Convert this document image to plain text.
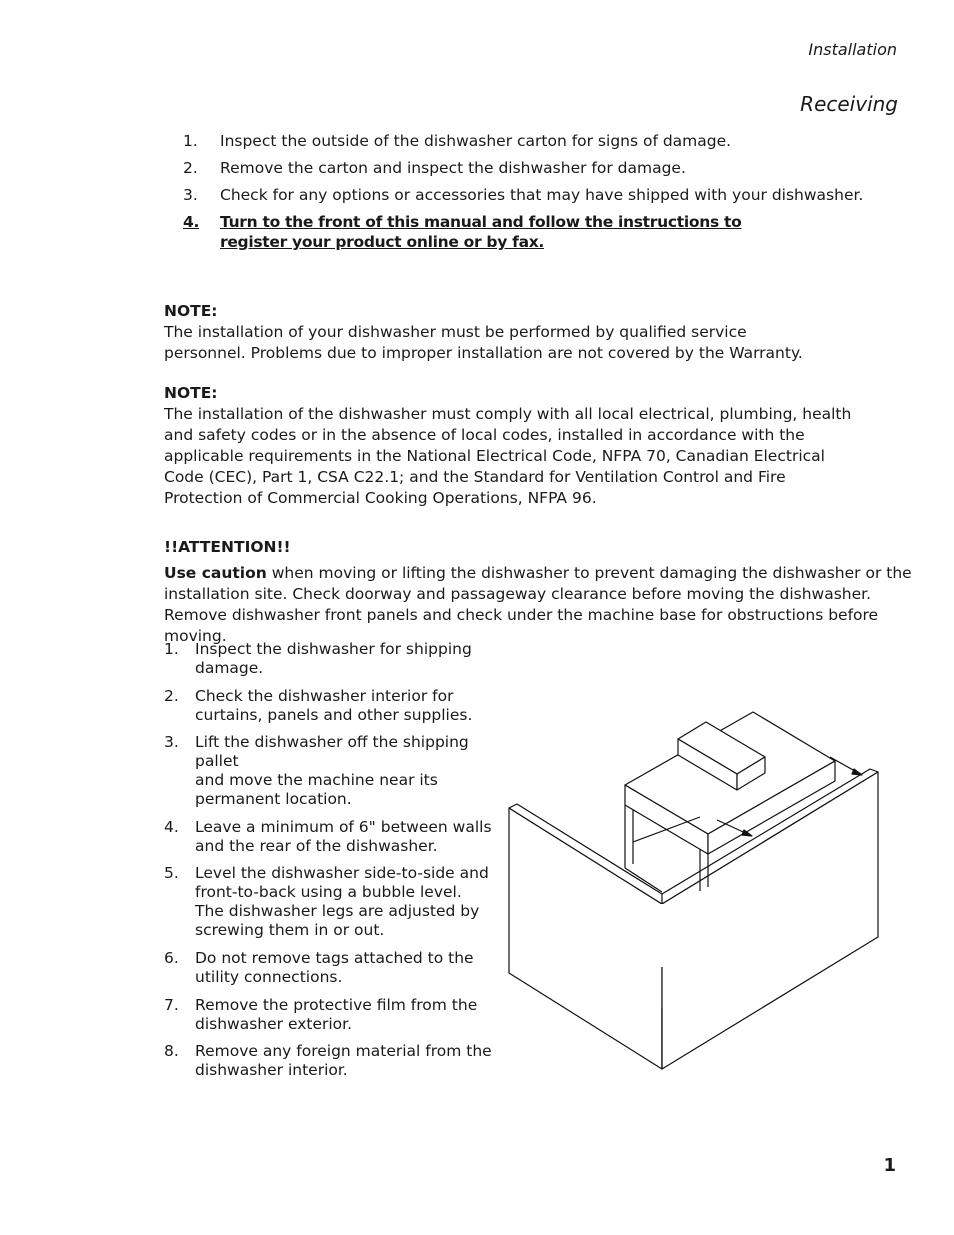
Installation
Receiving
1.	Inspect the outside of the dishwasher carton for signs of damage.
2.	Remove the carton and inspect the dishwasher for damage.
3.	Check for any options or accessories that may have shipped with your dishwasher.
4.	Turn to the front of this manual and follow the instructions to register your product online or by fax.
NOTE:
The installation of your dishwasher must be performed by qualified service personnel. Problems due to improper installation are not covered by the Warranty.
NOTE:
The installation of the dishwasher must comply with all local electrical, plumbing, health and safety codes or in the absence of local codes, installed in accordance with the applicable requirements in the National Electrical Code, NFPA 70, Canadian Electrical Code (CEC), Part 1, CSA C22.1; and the Standard for Ventilation Control and Fire Protection of Commercial Cooking Operations, NFPA 96.
!!ATTENTION!!
Use caution when moving or lifting the dishwasher to prevent damaging the dishwasher or the installation site. Check doorway and passageway clearance before moving the dishwasher. Remove dishwasher front panels and check under the machine base for obstructions before moving.
1.	Inspect the dishwasher for shipping damage.
2.	Check the dishwasher interior for
curtains, panels and other supplies.
3.	Lift the dishwasher off the shipping pallet
and move the machine near its
permanent location.
4.	Leave a minimum of 6" between walls
and the rear of the dishwasher.
5.	Level the dishwasher side-to-side and
front-to-back using a bubble level.
The dishwasher legs are adjusted by
screwing them in or out.
6.	Do not remove tags attached to the
utility connections.
7.	Remove the protective film from the
dishwasher exterior.
8.	Remove any foreign material from the
dishwasher interior.
1
